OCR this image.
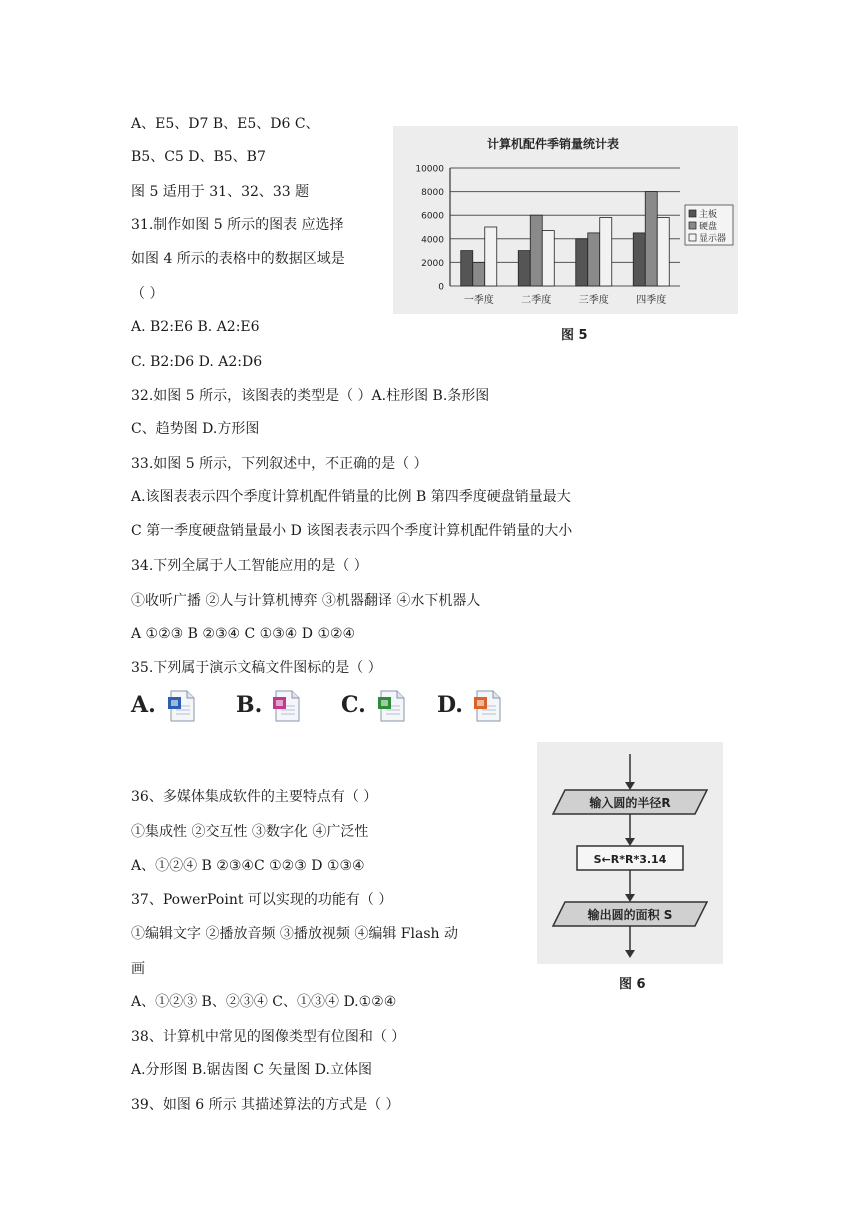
A、E5、D7 B、E5、D6 C、
B5、C5 D、B5、B7
图 5 适用于 31、32、33 题
31.制作如图 5 所示的图表 应选择
如图 4 所示的表格中的数据区域是
（ ）
A. B2:E6 B. A2:E6
C. B2:D6 D. A2:D6
32.如图 5 所示，该图表的类型是（ ）A.柱形图 B.条形图
C、趋势图 D.方形图
33.如图 5 所示，下列叙述中，不正确的是（ ）
A.该图表表示四个季度计算机配件销量的比例 B 第四季度硬盘销量最大
C 第一季度硬盘销量最小 D 该图表表示四个季度计算机配件销量的大小
34.下列全属于人工智能应用的是（ ）
①收听广播 ②人与计算机博弈 ③机器翻译 ④水下机器人
A ①②③ B ②③④ C ①③④ D ①②④
35.下列属于演示文稿文件图标的是（ ）
36、多媒体集成软件的主要特点有（ ）
①集成性 ②交互性 ③数字化 ④广泛性
A、①②④ B ②③④C ①②③ D ①③④
37、PowerPoint 可以实现的功能有（ ）
①编辑文字 ②播放音频 ③播放视频 ④编辑 Flash 动
画
A、①②③ B、②③④ C、①③④ D.①②④
38、计算机中常见的图像类型有位图和（ ）
A.分形图 B.锯齿图 C 矢量图 D.立体图
39、如图 6 所示 其描述算法的方式是（ ）
计算机配件季销量统计表
一季度	二季度	三季度	四季度
0
2000
4000
6000
8000
10000
主板
硬盘
显示器
图 5
A.	B.	C.	D.
输入圆的半径R
S←R*R*3.14
输出圆的面积 S
图 6
